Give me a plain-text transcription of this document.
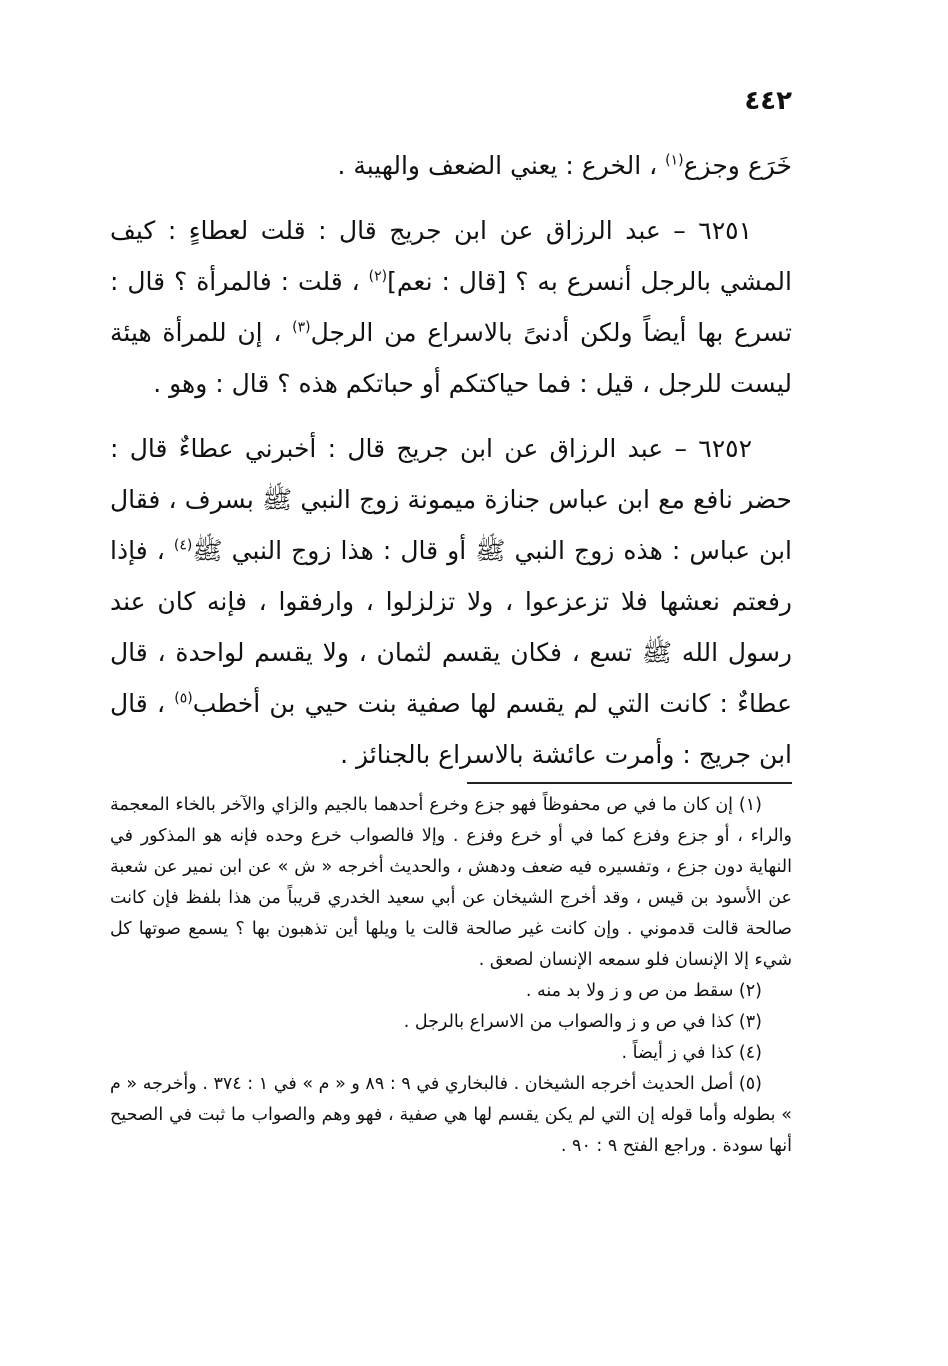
٤٤٢

خَرَع وجزع$^{(١)}$ ، الخرع : يعني الضعف والهيبة .

٦٢٥١ – عبد الرزاق عن ابن جريج قال : قلت لعطاءٍ : كيف المشي بالرجل أنسرع به ؟ [قال : نعم]$^{(٢)}$ ، قلت : فالمرأة ؟ قال : تسرع بها أيضاً ولكن أدنىً بالاسراع من الرجل$^{(٣)}$ ، إن للمرأة هيئة ليست للرجل ، قيل : فما حياكتكم أو حباتكم هذه ؟ قال : وهو .

٦٢٥٢ – عبد الرزاق عن ابن جريج قال : أخبرني عطاءٌ قال : حضر نافع مع ابن عباس جنازة ميمونة زوج النبي ﷺ بسرف ، فقال ابن عباس : هذه زوج النبي ﷺ أو قال : هذا زوج النبي ﷺ$^{(٤)}$ ، فإذا رفعتم نعشها فلا تزعزعوا ، ولا تزلزلوا ، وارفقوا ، فإنه كان عند رسول الله ﷺ تسع ، فكان يقسم لثمان ، ولا يقسم لواحدة ، قال عطاءٌ : كانت التي لم يقسم لها صفية بنت حيي بن أخطب$^{(٥)}$ ، قال ابن جريج : وأمرت عائشة بالاسراع بالجنائز .

(١) إن كان ما في ص محفوظاً فهو جزع وخرع أحدهما بالجيم والزاي والآخر بالخاء المعجمة والراء ، أو جزع وفزع كما في أو خرع وفزع . وإلا فالصواب خرع وحده فإنه هو المذكور في النهاية دون جزع ، وتفسيره فيه ضعف ودهش ، والحديث أخرجه « ش » عن ابن نمير عن شعبة عن الأسود بن قيس ، وقد أخرج الشيخان عن أبي سعيد الخدري قريباً من هذا بلفظ فإن كانت صالحة قالت قدموني . وإن كانت غير صالحة قالت يا ويلها أين تذهبون بها ؟ يسمع صوتها كل شيء إلا الإنسان فلو سمعه الإنسان لصعق .

(٢) سقط من ص و ز ولا بد منه .

(٣) كذا في ص و ز والصواب من الاسراع بالرجل .

(٤) كذا في ز أيضاً .

(٥) أصل الحديث أخرجه الشيخان . فالبخاري في ٩ : ٨٩ و « م » في ١ : ٣٧٤ . وأخرجه « م » بطوله وأما قوله إن التي لم يكن يقسم لها هي صفية ، فهو وهم والصواب ما ثبت في الصحيح أنها سودة . وراجع الفتح ٩ : ٩٠ .
